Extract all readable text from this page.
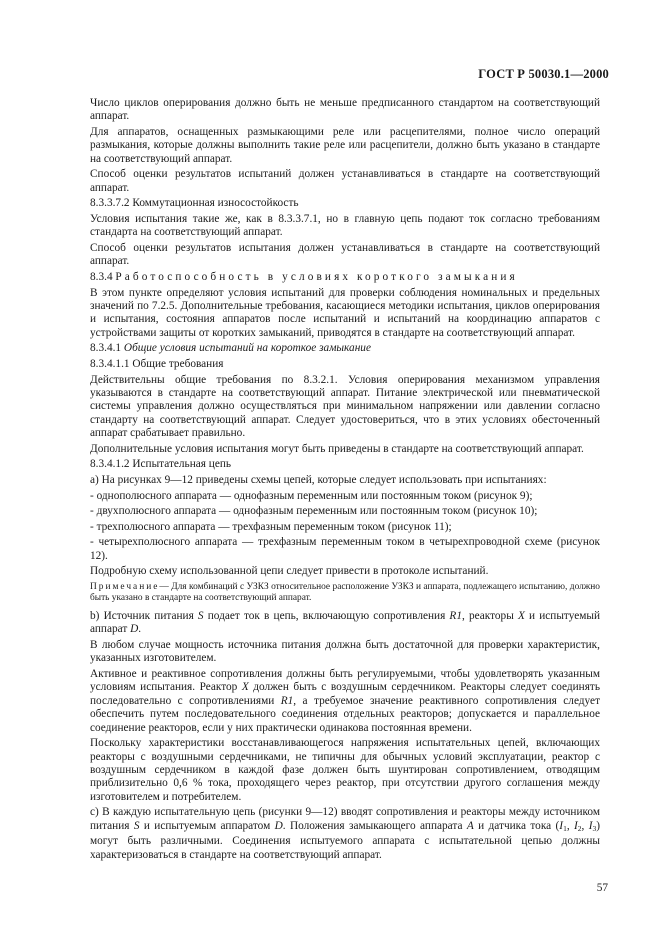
ГОСТ Р 50030.1—2000

Число циклов оперирования должно быть не меньше предписанного стандартом на соответствующий аппарат.

Для аппаратов, оснащенных размыкающими реле или расцепителями, полное число операций размыкания, которые должны выполнить такие реле или расцепители, должно быть указано в стандарте на соответствующий аппарат.

Способ оценки результатов испытаний должен устанавливаться в стандарте на соответствующий аппарат.

8.3.3.7.2 Коммутационная износостойкость

Условия испытания такие же, как в 8.3.3.7.1, но в главную цепь подают ток согласно требованиям стандарта на соответствующий аппарат.

Способ оценки результатов испытания должен устанавливаться в стандарте на соответствующий аппарат.

8.3.4 Работоспособность в условиях короткого замыкания

В этом пункте определяют условия испытаний для проверки соблюдения номинальных и предельных значений по 7.2.5. Дополнительные требования, касающиеся методики испытания, циклов оперирования и испытания, состояния аппаратов после испытаний и испытаний на координацию аппаратов с устройствами защиты от коротких замыканий, приводятся в стандарте на соответствующий аппарат.

8.3.4.1 Общие условия испытаний на короткое замыкание

8.3.4.1.1 Общие требования

Действительны общие требования по 8.3.2.1. Условия оперирования механизмом управления указываются в стандарте на соответствующий аппарат. Питание электрической или пневматической системы управления должно осуществляться при минимальном напряжении или давлении согласно стандарту на соответствующий аппарат. Следует удостовериться, что в этих условиях обесточенный аппарат срабатывает правильно.

Дополнительные условия испытания могут быть приведены в стандарте на соответствующий аппарат.

8.3.4.1.2 Испытательная цепь

а) На рисунках 9—12 приведены схемы цепей, которые следует использовать при испытаниях:

- однополюсного аппарата — однофазным переменным или постоянным током (рисунок 9);

- двухполюсного аппарата — однофазным переменным или постоянным током (рисунок 10);

- трехполюсного аппарата — трехфазным переменным током (рисунок 11);

- четырехполюсного аппарата — трехфазным переменным током в четырехпроводной схеме (рисунок 12).

Подробную схему использованной цепи следует привести в протоколе испытаний.

Примечание— Для комбинаций с УЗКЗ относительное расположение УЗКЗ и аппарата, подлежащего испытанию, должно быть указано в стандарте на соответствующий аппарат.

b) Источник питания S подает ток в цепь, включающую сопротивления R1, реакторы X и испытуемый аппарат D.

В любом случае мощность источника питания должна быть достаточной для проверки характеристик, указанных изготовителем.

Активное и реактивное сопротивления должны быть регулируемыми, чтобы удовлетворять указанным условиям испытания. Реактор X должен быть с воздушным сердечником. Реакторы следует соединять последовательно с сопротивлениями R1, а требуемое значение реактивного сопротивления следует обеспечить путем последовательного соединения отдельных реакторов; допускается и параллельное соединение реакторов, если у них практически одинакова постоянная времени.

Поскольку характеристики восстанавливающегося напряжения испытательных цепей, включающих реакторы с воздушными сердечниками, не типичны для обычных условий эксплуатации, реактор с воздушным сердечником в каждой фазе должен быть шунтирован сопротивлением, отводящим приблизительно 0,6 % тока, проходящего через реактор, при отсутствии другого соглашения между изготовителем и потребителем.

с) В каждую испытательную цепь (рисунки 9—12) вводят сопротивления и реакторы между источником питания S и испытуемым аппаратом D. Положения замыкающего аппарата A и датчика тока ($I_1$, $I_2$, $I_3$) могут быть различными. Соединения испытуемого аппарата с испытательной цепью должны характеризоваться в стандарте на соответствующий аппарат.

57
